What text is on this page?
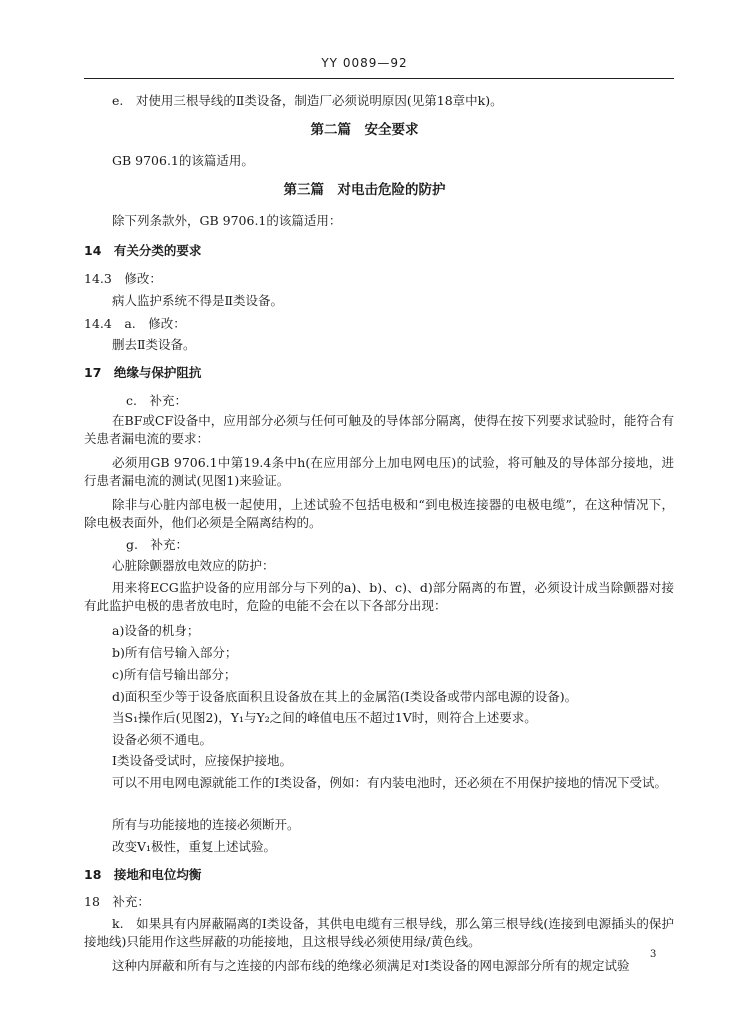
YY 0089—92
e.　对使用三根导线的Ⅱ类设备，制造厂必须说明原因(见第18章中k)。
第二篇　安全要求
GB 9706.1的该篇适用。
第三篇　对电击危险的防护
除下列条款外，GB 9706.1的该篇适用：
14　有关分类的要求
14.3　修改：
病人监护系统不得是Ⅱ类设备。
14.4　a.　修改：
删去Ⅱ类设备。
17　绝缘与保护阻抗
c.　补充：
在BF或CF设备中，应用部分必须与任何可触及的导体部分隔离，使得在按下列要求试验时，能符合有关患者漏电流的要求：
必须用GB 9706.1中第19.4条中h(在应用部分上加电网电压)的试验，将可触及的导体部分接地，进行患者漏电流的测试(见图1)来验证。
除非与心脏内部电极一起使用，上述试验不包括电极和“到电极连接器的电极电缆”，在这种情况下，除电极表面外，他们必须是全隔离结构的。
g.　补充：
心脏除颤器放电效应的防护：
用来将ECG监护设备的应用部分与下列的a)、b)、c)、d)部分隔离的布置，必须设计成当除颤器对接有此监护电极的患者放电时，危险的电能不会在以下各部分出现：
a)设备的机身；
b)所有信号输入部分；
c)所有信号输出部分；
d)面积至少等于设备底面积且设备放在其上的金属箔(Ⅰ类设备或带内部电源的设备)。
当S₁操作后(见图2)，Y₁与Y₂之间的峰值电压不超过1V时，则符合上述要求。
设备必须不通电。
Ⅰ类设备受试时，应接保护接地。
可以不用电网电源就能工作的Ⅰ类设备，例如：有内装电池时，还必须在不用保护接地的情况下受试。
所有与功能接地的连接必须断开。
改变V₁极性，重复上述试验。
18　接地和电位均衡
18　补充：
k.　如果具有内屏蔽隔离的Ⅰ类设备，其供电电缆有三根导线，那么第三根导线(连接到电源插头的保护接地线)只能用作这些屏蔽的功能接地，且这根导线必须使用绿/黄色线。
这种内屏蔽和所有与之连接的内部布线的绝缘必须满足对Ⅰ类设备的网电源部分所有的规定试验
3
